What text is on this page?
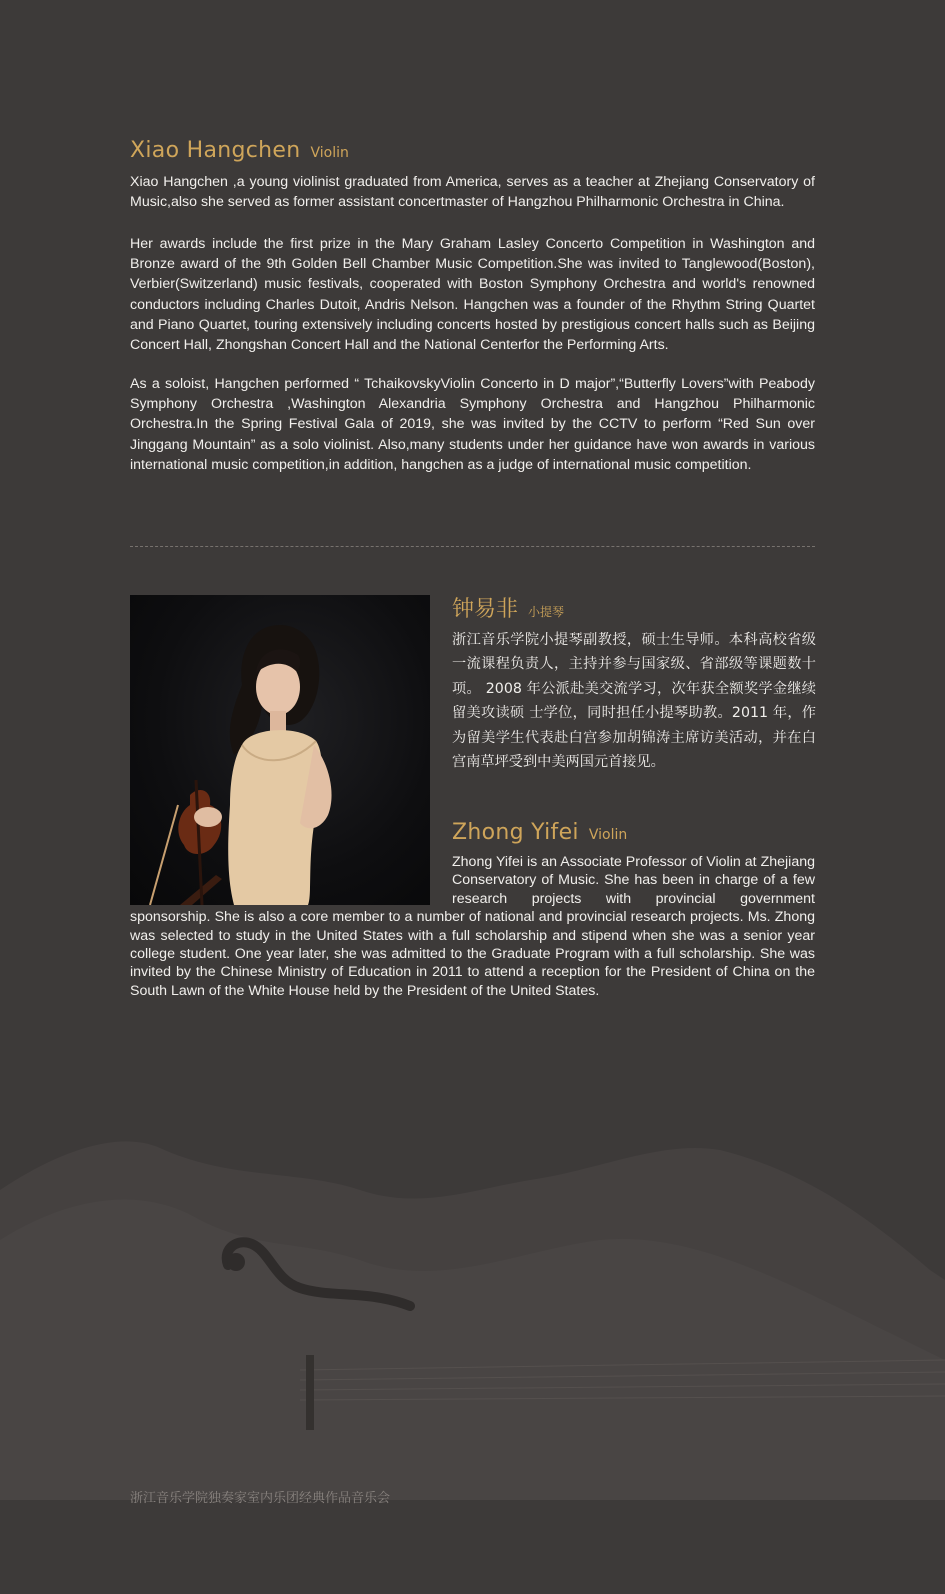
Xiao Hangchen Violin

Xiao Hangchen ,a young violinist graduated from America, serves as a teacher at Zhejiang Conservatory of Music,also she served as former assistant concertmaster of Hangzhou Philharmonic Orchestra in China.

Her awards include the first prize in the Mary Graham Lasley Concerto Competition in Washington and Bronze award of the 9th Golden Bell Chamber Music Competition.She was invited to Tanglewood(Boston), Verbier(Switzerland) music festivals, cooperated with Boston Symphony Orchestra and world's renowned conductors including Charles Dutoit, Andris Nelson. Hangchen was a founder of the Rhythm String Quartet and Piano Quartet, touring extensively including concerts hosted by prestigious concert halls such as Beijing Concert Hall, Zhongshan Concert Hall and the National Centerfor the Performing Arts.

As a soloist, Hangchen performed “ TchaikovskyViolin Concerto in D major”,“Butterfly Lovers”with Peabody Symphony Orchestra ,Washington Alexandria Symphony Orchestra and Hangzhou Philharmonic Orchestra.In the Spring Festival Gala of 2019, she was invited by the CCTV to perform “Red Sun over Jinggang Mountain” as a solo violinist. Also,many students under her guidance have won awards in various international music competition,in addition, hangchen as a judge of international music competition.

钟易非 小提琴

浙江音乐学院小提琴副教授，硕士生导师。本科高校省级一流课程负责人，主持并参与国家级、省部级等课题数十项。 2008 年公派赴美交流学习，次年获全额奖学金继续留美攻读硕 士学位，同时担任小提琴助教。2011 年，作为留美学生代表赴白宫参加胡锦涛主席访美活动，并在白宫南草坪受到中美两国元首接见。

Zhong Yifei Violin

Zhong Yifei is an Associate Professor of Violin at Zhejiang Conservatory of Music. She has been in charge of a few research projects with provincial government sponsorship. She is also a core member to a number of national and provincial research projects. Ms. Zhong was selected to study in the United States with a full scholarship and stipend when she was a senior year college student. One year later, she was admitted to the Graduate Program with a full scholarship. She was invited by the Chinese Ministry of Education in 2011 to attend a reception for the President of China on the South Lawn of the White House held by the President of the United States.

浙江音乐学院独奏家室内乐团经典作品音乐会
